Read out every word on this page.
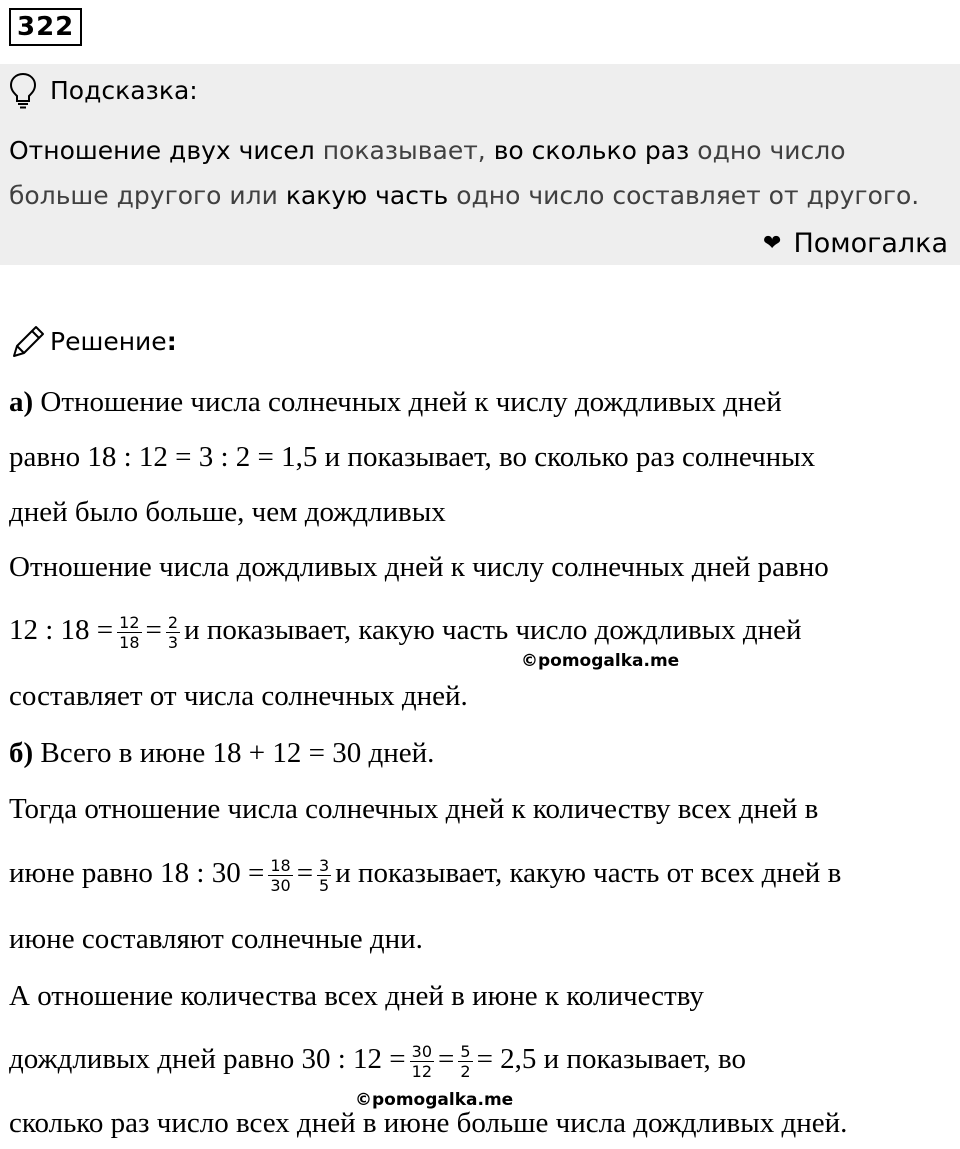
322
Подсказка:
Отношение двух чисел показывает, во сколько раз одно число
больше другого или какую часть одно число составляет от другого.
❤ Помогалка
Решение:
а) Отношение числа солнечных дней к числу дождливых дней
равно 18 : 12 = 3 : 2 = 1,5 и показывает, во сколько раз солнечных
дней было больше, чем дождливых
Отношение числа дождливых дней к числу солнечных дней равно
12 : $18 = \frac{12}{18} = \frac{2}{3}$ и показывает, какую часть число дождливых дней
©pomogalka.me
составляет от числа солнечных дней.
б) Всего в июне 18 + 12 = 30 дней.
Тогда отношение числа солнечных дней к количеству всех дней в
июне равно 18 : $30 = \frac{18}{30} = \frac{3}{5}$ и показывает, какую часть от всех дней в
июне составляют солнечные дни.
А отношение количества всех дней в июне к количеству
дождливых дней равно 30 : $12 = \frac{30}{12} = \frac{5}{2} = 2,5$ и показывает, во
©pomogalka.me
сколько раз число всех дней в июне больше числа дождливых дней.
